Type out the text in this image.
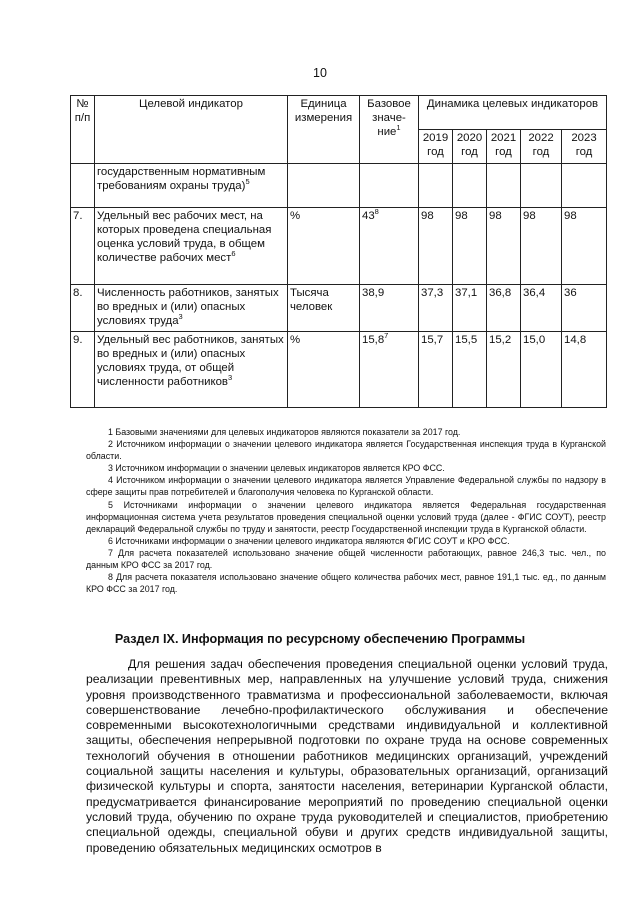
10
№ п/п	Целевой индикатор	Единица измерения	Базовое значе-ние$^1$	Динамика целевых индикаторов				
				2019 год	2020 год	2021 год	2022 год	2023 год
	государственным нормативным требованиям охраны труда)$^5$							
7.	Удельный вес рабочих мест, на которых проведена специальная оценка условий труда, в общем количестве рабочих мест$^6$	%	$43^8$	98	98	98	98	98
8.	Численность работников, занятых во вредных и (или) опасных условиях труда$^3$	Тысяча человек	38,9	37,3	37,1	36,8	36,4	36
9.	Удельный вес работников, занятых во вредных и (или) опасных условиях труда, от общей численности работников$^3$	%	15,8$^7$	15,7	15,5	15,2	15,0	14,8

1 Базовыми значениями для целевых индикаторов являются показатели за 2017 год.

2 Источником информации о значении целевого индикатора является Государственная инспекция труда в Курганской области.

3 Источником информации о значении целевых индикаторов является КРО ФСС.

4 Источником информации о значении целевого индикатора является Управление Федеральной службы по надзору в сфере защиты прав потребителей и благополучия человека по Курганской области.

5 Источниками информации о значении целевого индикатора является Федеральная государственная информационная система учета результатов проведения специальной оценки условий труда (далее - ФГИС СОУТ), реестр деклараций Федеральной службы по труду и занятости, реестр Государственной инспекции труда в Курганской области.

6 Источниками информации о значении целевого индикатора являются ФГИС СОУТ и КРО ФСС.

7 Для расчета показателей использовано значение общей численности работающих, равное 246,3 тыс. чел., по данным КРО ФСС за 2017 год.

8 Для расчета показателя использовано значение общего количества рабочих мест, равное 191,1 тыс. ед., по данным КРО ФСС за 2017 год.

Раздел IX. Информация по ресурсному обеспечению Программы

Для решения задач обеспечения проведения специальной оценки условий труда, реализации превентивных мер, направленных на улучшение условий труда, снижения уровня производственного травматизма и профессиональной заболеваемости, включая совершенствование лечебно-профилактического обслуживания и обеспечение современными высокотехнологичными средствами индивидуальной и коллективной защиты, обеспечения непрерывной подготовки по охране труда на основе современных технологий обучения в отношении работников медицинских организаций, учреждений социальной защиты населения и культуры, образовательных организаций, организаций физической культуры и спорта, занятости населения, ветеринарии Курганской области, предусматривается финансирование мероприятий по проведению специальной оценки условий труда, обучению по охране труда руководителей и специалистов, приобретению специальной одежды, специальной обуви и других средств индивидуальной защиты, проведению обязательных медицинских осмотров в
